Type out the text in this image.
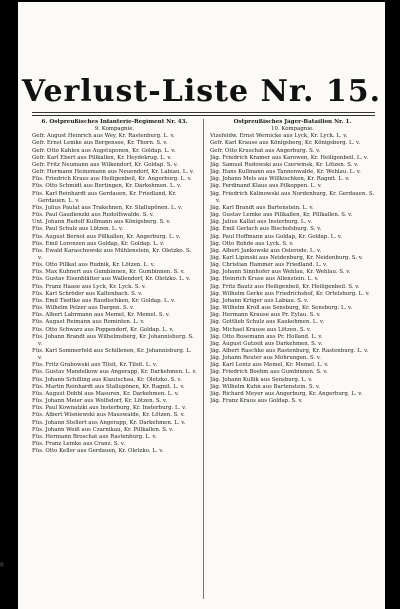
Verlust-Liste Nr. 15.
6. Ostpreußisches Infanterie-Regiment Nr. 43.
9. Kompagnie.
Gefr. August Heinrich aus Wey, Kr. Rastenburg. L. v.
Gefr. Ernst Lemke aus Bergensee, Kr. Thorn. S. v.
Gefr. Otto Kahlen aus Augstuponen, Kr. Goldap. L. v.
Gefr. Karl Ebert aus Pillkallen, Kr. Heydekrug. L. v.
Gefr. Fritz Neumann aus Wilkendorf, Kr. Goldap. S. v.
Gefr. Hermann Heinemann aus Neuendorf, Kr. Labiau. L. v.
Füs. Friedrich Kraus aus Heiligenbeil, Kr. Angerburg. L. v.
Füs. Otto Schmidt aus Bertingen, Kr. Darkehmen. L. v.
Füs. Karl Reinhardt aus Gerdauen, Kr. Friedland, Kr. Gerdauen. L. v.
Füs. Julius Paulat aus Trakehnen, Kr. Stallupönen. L. v.
Füs. Paul Gaudienzki aus Rudolfswalde. S. v.
Unt. Johann Rudolf Kullmann aus Königsberg. S. v.
Füs. Paul Schulz aus Lötzen. L. v.
Füs. August Bernot aus Pillkallen, Kr. Angerburg. L. v.
Füs. Emil Lorenzen aus Goldap, Kr. Goldap. L. v.
Füs. Ewald Karaschewski aus Mühlenstein, Kr. Oletzko. S. v.
Füs. Otto Pillkat aus Rudnik, Kr. Lötzen. L. v.
Füs. Max Kuhnert aus Gumbinnen, Kr. Gumbinnen. S. v.
Füs. Gustav Eisenblätter aus Wallendorf, Kr. Oletzko. L. v.
Füs. Franz Haase aus Lyck, Kr. Lyck. S. v.
Füs. Karl Schröder aus Kaltenbach. S. v.
Füs. Emil Tiedtke aus Raudischken, Kr. Goldap. L. v.
Füs. Wilhelm Pelzer aus Dargen. S. v.
Füs. Albert Lahrmann aus Memel, Kr. Memel. S. v.
Füs. August Reimann aus Rominten. L. v.
Füs. Otto Schwarz aus Poppendorf, Kr. Goldap. L. v.
Füs. Johann Brandt aus Wilhelmsberg, Kr. Johannisburg. S. v.
Füs. Karl Sommerfeld aus Schillenen, Kr. Johannisburg. L. v.
Füs. Fritz Grabowski aus Tilsit, Kr. Tilsit. L. v.
Füs. Gustav Mandelkow aus Angerapp, Kr. Darkehmen. L. v.
Füs. Johann Schilling aus Kiautschau, Kr. Oletzko. S. v.
Füs. Martin Reinhardt aus Stallupönen, Kr. Ragnit. L. v.
Füs. August Dobbl aus Masuren, Kr. Darkehmen. L. v.
Füs. Johann Meier aus Wolfsdorf, Kr. Lötzen. S. v.
Füs. Paul Kownatzki aus Insterburg, Kr. Insterburg. L. v.
Füs. Albert Wisniewski aus Mauswalde, Kr. Lötzen. S. v.
Füs. Johann Stellert aus Angerapp, Kr. Darkehmen. L. v.
Füs. Johann Weiß aus Czarnikau, Kr. Pillkallen. S. v.
Füs. Hermann Broschat aus Rastenburg. L. v.
Füs. Franz Lemke aus Cranz. S. v.
Füs. Otto Keller aus Gerdauen, Kr. Oletzko. L. v.
Ostpreußisches Jäger-Bataillon Nr. 1.
10. Kompagnie.
Vizefeldw. Ernst Wernicke aus Lyck, Kr. Lyck. L. v.
Gefr. Karl Krause aus Königsberg, Kr. Königsberg. L. v.
Gefr. Otto Kruschat aus Angerburg. S. v.
Jäg. Friedrich Kramer aus Karowen, Kr. Heiligenbeil. L. v.
Jäg. Samuel Rudowski aus Czerwinsk, Kr. Lötzen. S. v.
Jäg. Hans Kullmann aus Tannenwalde, Kr. Wehlau. L. v.
Jäg. Johann Mels aus Willkischken, Kr. Ragnit. L. v.
Jäg. Ferdinand Klaus aus Pilkoppen. L. v.
Jäg. Friedrich Kalinowski aus Nordenburg, Kr. Gerdauen. S. v.
Jäg. Karl Brandt aus Bartenstein. L. v.
Jäg. Gustav Lemke aus Pillkallen, Kr. Pillkallen. S. v.
Jäg. Julius Kallat aus Insterburg. L. v.
Jäg. Emil Gerlach aus Bischofsburg. S. v.
Jäg. Paul Hoffmann aus Goldap, Kr. Goldap. L. v.
Jäg. Otto Rohde aus Lyck. S. v.
Jäg. Albert Jankowski aus Osterode. L. v.
Jäg. Karl Lipinski aus Neidenburg, Kr. Neidenburg. S. v.
Jäg. Christian Hammer aus Friedland. L. v.
Jäg. Johann Sinnhofer aus Wehlau, Kr. Wehlau. S. v.
Jäg. Heinrich Kruse aus Allenstein. L. v.
Jäg. Fritz Bautz aus Heiligenbeil, Kr. Heiligenbeil. S. v.
Jäg. Wilhelm Gerke aus Friedrichshof, Kr. Ortelsburg. L. v.
Jäg. Johann Krüger aus Labiau. S. v.
Jäg. Wilhelm Kroll aus Sensburg, Kr. Sensburg. L. v.
Jäg. Hermann Krause aus Pr. Eylau. S. v.
Jäg. Gottlieb Schulz aus Kaukehmen. L. v.
Jäg. Michael Krause aus Lötzen. S. v.
Jäg. Otto Rosemann aus Pr. Holland. L. v.
Jäg. August Gutzeit aus Darkehmen. S. v.
Jäg. Albert Raschke aus Rastenburg, Kr. Rastenburg. L. v.
Jäg. Johann Reuter aus Mohrungen. S. v.
Jäg. Karl Lentz aus Memel, Kr. Memel. L. v.
Jäg. Friedrich Boehm aus Gumbinnen. S. v.
Jäg. Johann Kullik aus Sensburg. L. v.
Jäg. Wilhelm Kuhn aus Bartenstein. S. v.
Jäg. Richard Meyer aus Angerburg, Kr. Angerburg. L. v.
Jäg. Franz Kraus aus Goldap. S. v.
Ⓒ
